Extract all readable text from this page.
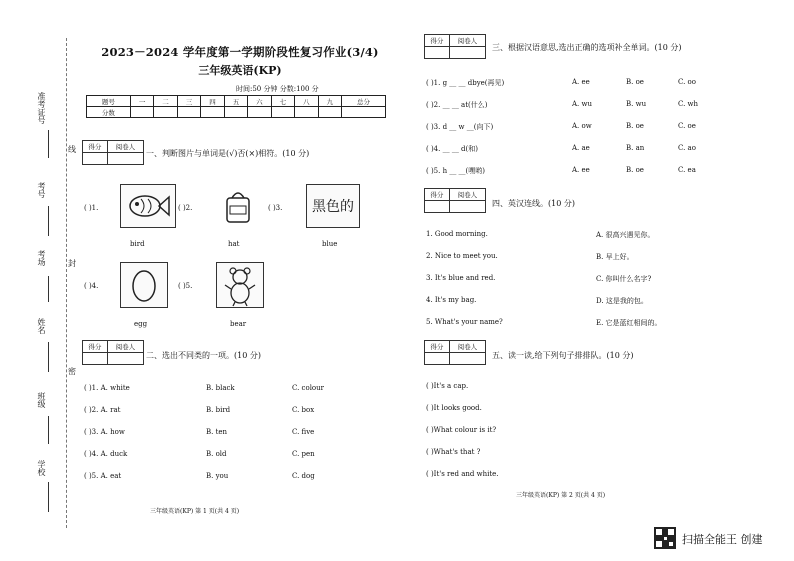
准考证号
考号
考场
姓名
班级
学校
线
封
密
2023－2024 学年度第一学期阶段性复习作业(3/4)
三年级英语(KP)
时间:50 分钟 分数:100 分
题号	一	二	三	四	五	六	七	八	九	总分
分数										
得分	阅卷人

一、判断图片与单词是(√)否(×)相符。(10 分)
( )1.
bird
( )2.
hat
( )3.	黑色的
blue
( )4.
egg
( )5.
bear
得分	阅卷人

二、选出不同类的一项。(10 分)
( )1. A. white	B. black	C. colour
( )2. A. rat	B. bird	C. box
( )3. A. how	B. ten	C. five
( )4. A. duck	B. old	C. pen
( )5. A. eat	B. you	C. dog
三年级英语(KP) 第 1 页(共 4 页)
得分	阅卷人

三、根据汉语意思,选出正确的选项补全单词。(10 分)
( )1. g __ __ dbye(再见)	A. ee	B. oe	C. oo
( )2. __ __ at(什么)	A. wu	B. wu	C. wh
( )3. d __ w __(向下)	A. ow	B. oe	C. oe
( )4. __ __ d(和)	A. ae	B. an	C. ao
( )5. h __ __(嘿哟)	A. ee	B. oe	C. ea
得分	阅卷人

四、英汉连线。(10 分)
1. Good morning.
2. Nice to meet you.
3. It's blue and red.
4. It's my bag.
5. What's your name?
A. 很高兴遇见你。
B. 早上好。
C. 你叫什么名字?
D. 这是我的包。
E. 它是蓝红相间的。
得分	阅卷人

五、读一读,给下列句子排排队。(10 分)
( )It's a cap.
( )It looks good.
( )What colour is it?
( )What's that ?
( )It's red and white.
三年级英语(KP) 第 2 页(共 4 页)
扫描全能王 创建
